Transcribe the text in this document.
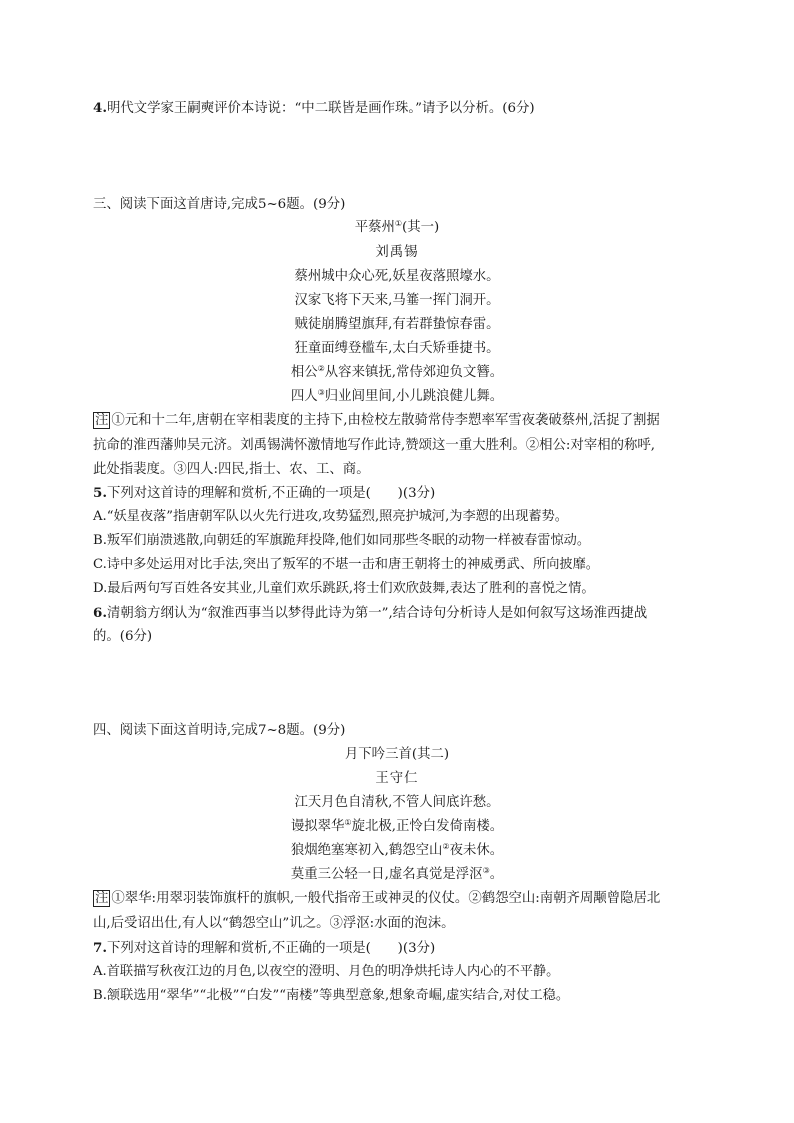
4.明代文学家王嗣奭评价本诗说：“中二联皆是画作珠。”请予以分析。(6分)
三、阅读下面这首唐诗,完成5~6题。(9分)
平蔡州①(其一)
刘禹锡
蔡州城中众心死,妖星夜落照壕水。
汉家飞将下天来,马箠一挥门洞开。
贼徒崩腾望旗拜,有若群蛰惊春雷。
狂童面缚登槛车,太白夭矫垂捷书。
相公②从容来镇抚,常侍郊迎负文簪。
四人③归业闾里间,小儿跳浪健儿舞。
注 ①元和十二年,唐朝在宰相裴度的主持下,由检校左散骑常侍李愬率军雪夜袭破蔡州,活捉了割据
抗命的淮西藩帅吴元济。刘禹锡满怀激情地写作此诗,赞颂这一重大胜利。②相公:对宰相的称呼,
此处指裴度。③四人:四民,指士、农、工、商。
5.下列对这首诗的理解和赏析,不正确的一项是(　　)(3分)
A.“妖星夜落”指唐朝军队以火先行进攻,攻势猛烈,照亮护城河,为李愬的出现蓄势。
B.叛军们崩溃逃散,向朝廷的军旗跪拜投降,他们如同那些冬眠的动物一样被春雷惊动。
C.诗中多处运用对比手法,突出了叛军的不堪一击和唐王朝将士的神威勇武、所向披靡。
D.最后两句写百姓各安其业,儿童们欢乐跳跃,将士们欢欣鼓舞,表达了胜利的喜悦之情。
6.清朝翁方纲认为“叙淮西事当以梦得此诗为第一”,结合诗句分析诗人是如何叙写这场淮西捷战
的。(6分)
四、阅读下面这首明诗,完成7~8题。(9分)
月下吟三首(其二)
王守仁
江天月色自清秋,不管人间底许愁。
谩拟翠华①旋北极,正怜白发倚南楼。
狼烟绝塞寒初入,鹤怨空山②夜未休。
莫重三公轻一日,虚名真觉是浮沤③。
注 ①翠华:用翠羽装饰旗杆的旗帜,一般代指帝王或神灵的仪仗。②鹤怨空山:南朝齐周颙曾隐居北
山,后受诏出仕,有人以“鹤怨空山”讥之。③浮沤:水面的泡沫。
7.下列对这首诗的理解和赏析,不正确的一项是(　　)(3分)
A.首联描写秋夜江边的月色,以夜空的澄明、月色的明净烘托诗人内心的不平静。
B.颔联选用“翠华”“北极”“白发”“南楼”等典型意象,想象奇崛,虚实结合,对仗工稳。
